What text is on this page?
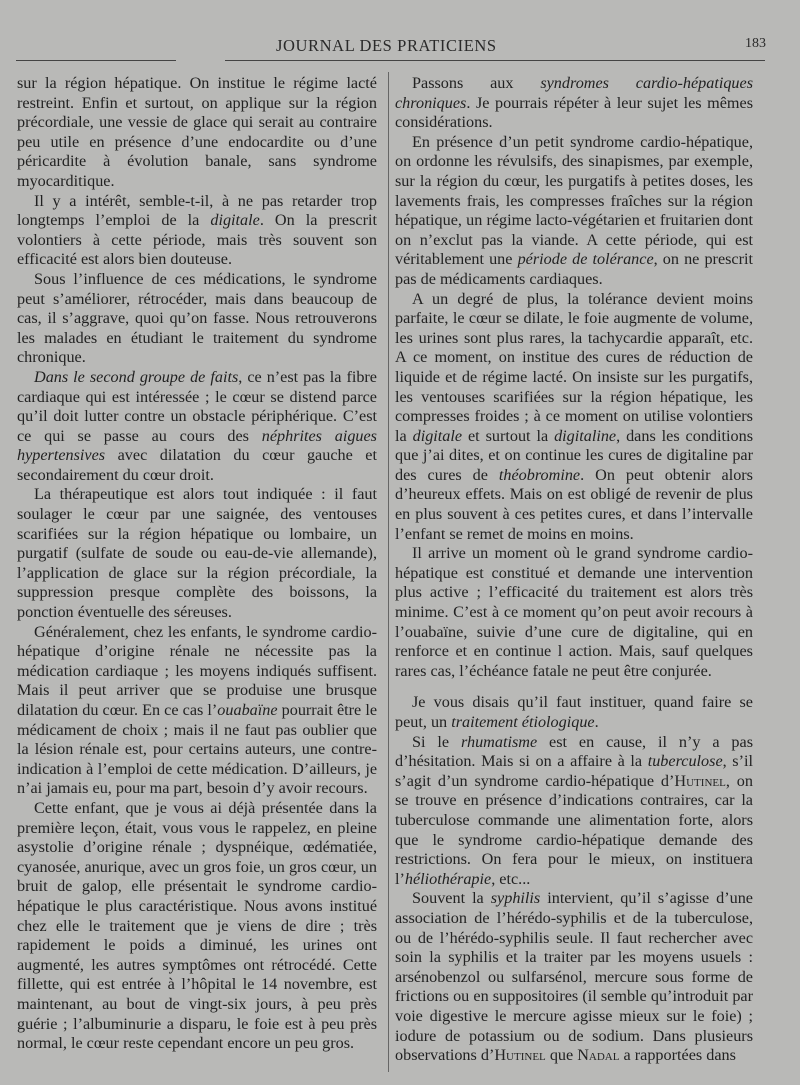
JOURNAL DES PRATICIENS	183

sur la région hépatique. On institue le régime lacté restreint. Enfin et surtout, on applique sur la région précordiale, une vessie de glace qui serait au contraire peu utile en présence d’une endocardite ou d’une péricardite à évolution banale, sans syndrome myocarditique.

Il y a intérêt, semble-t-il, à ne pas retarder trop longtemps l’emploi de la digitale. On la prescrit volontiers à cette période, mais très souvent son efficacité est alors bien douteuse.

Sous l’influence de ces médications, le syndrome peut s’améliorer, rétrocéder, mais dans beaucoup de cas, il s’aggrave, quoi qu’on fasse. Nous retrouverons les malades en étudiant le traitement du syndrome chronique.

Dans le second groupe de faits, ce n’est pas la fibre cardiaque qui est intéressée ; le cœur se distend parce qu’il doit lutter contre un obstacle périphérique. C’est ce qui se passe au cours des néphrites aigues hypertensives avec dilatation du cœur gauche et secondairement du cœur droit.

La thérapeutique est alors tout indiquée : il faut soulager le cœur par une saignée, des ventouses scarifiées sur la région hépatique ou lombaire, un purgatif (sulfate de soude ou eau-de-vie allemande), l’application de glace sur la région précordiale, la suppression presque complète des boissons, la ponction éventuelle des séreuses.

Généralement, chez les enfants, le syndrome cardio-hépatique d’origine rénale ne nécessite pas la médication cardiaque ; les moyens indiqués suffisent. Mais il peut arriver que se produise une brusque dilatation du cœur. En ce cas l’ouabaïne pourrait être le médicament de choix ; mais il ne faut pas oublier que la lésion rénale est, pour certains auteurs, une contre-indication à l’emploi de cette médication. D’ailleurs, je n’ai jamais eu, pour ma part, besoin d’y avoir recours.

Cette enfant, que je vous ai déjà présentée dans la première leçon, était, vous vous le rappelez, en pleine asystolie d’origine rénale ; dyspnéique, œdématiée, cyanosée, anurique, avec un gros foie, un gros cœur, un bruit de galop, elle présentait le syndrome cardio-hépatique le plus caractéristique. Nous avons institué chez elle le traitement que je viens de dire ; très rapidement le poids a diminué, les urines ont augmenté, les autres symptômes ont rétrocédé. Cette fillette, qui est entrée à l’hôpital le 14 novembre, est maintenant, au bout de vingt-six jours, à peu près guérie ; l’albuminurie a disparu, le foie est à peu près normal, le cœur reste cependant encore un peu gros.

Passons aux syndromes cardio-hépatiques chroniques. Je pourrais répéter à leur sujet les mêmes considérations.

En présence d’un petit syndrome cardio-hépatique, on ordonne les révulsifs, des sinapismes, par exemple, sur la région du cœur, les purgatifs à petites doses, les lavements frais, les compresses fraîches sur la région hépatique, un régime lacto-végétarien et fruitarien dont on n’exclut pas la viande. A cette période, qui est véritablement une période de tolérance, on ne prescrit pas de médicaments cardiaques.

A un degré de plus, la tolérance devient moins parfaite, le cœur se dilate, le foie augmente de volume, les urines sont plus rares, la tachycardie apparaît, etc. A ce moment, on institue des cures de réduction de liquide et de régime lacté. On insiste sur les purgatifs, les ventouses scarifiées sur la région hépatique, les compresses froides ; à ce moment on utilise volontiers la digitale et surtout la digitaline, dans les conditions que j’ai dites, et on continue les cures de digitaline par des cures de théobromine. On peut obtenir alors d’heureux effets. Mais on est obligé de revenir de plus en plus souvent à ces petites cures, et dans l’intervalle l’enfant se remet de moins en moins.

Il arrive un moment où le grand syndrome cardio-hépatique est constitué et demande une intervention plus active ; l’efficacité du traitement est alors très minime. C’est à ce moment qu’on peut avoir recours à l’ouabaïne, suivie d’une cure de digitaline, qui en renforce et en continue l action. Mais, sauf quelques rares cas, l’échéance fatale ne peut être conjurée.

Je vous disais qu’il faut instituer, quand faire se peut, un traitement étiologique.

Si le rhumatisme est en cause, il n’y a pas d’hésitation. Mais si on a affaire à la tuberculose, s’il s’agit d’un syndrome cardio-hépatique d’Hutinel, on se trouve en présence d’indications contraires, car la tuberculose commande une alimentation forte, alors que le syndrome cardio-hépatique demande des restrictions. On fera pour le mieux, on instituera l’héliothérapie, etc...

Souvent la syphilis intervient, qu’il s’agisse d’une association de l’hérédo-syphilis et de la tuberculose, ou de l’hérédo-syphilis seule. Il faut rechercher avec soin la syphilis et la traiter par les moyens usuels : arsénobenzol ou sulfarsénol, mercure sous forme de frictions ou en suppositoires (il semble qu’introduit par voie digestive le mercure agisse mieux sur le foie) ; iodure de potassium ou de sodium. Dans plusieurs observations d’Hutinel que Nadal a rapportées dans
